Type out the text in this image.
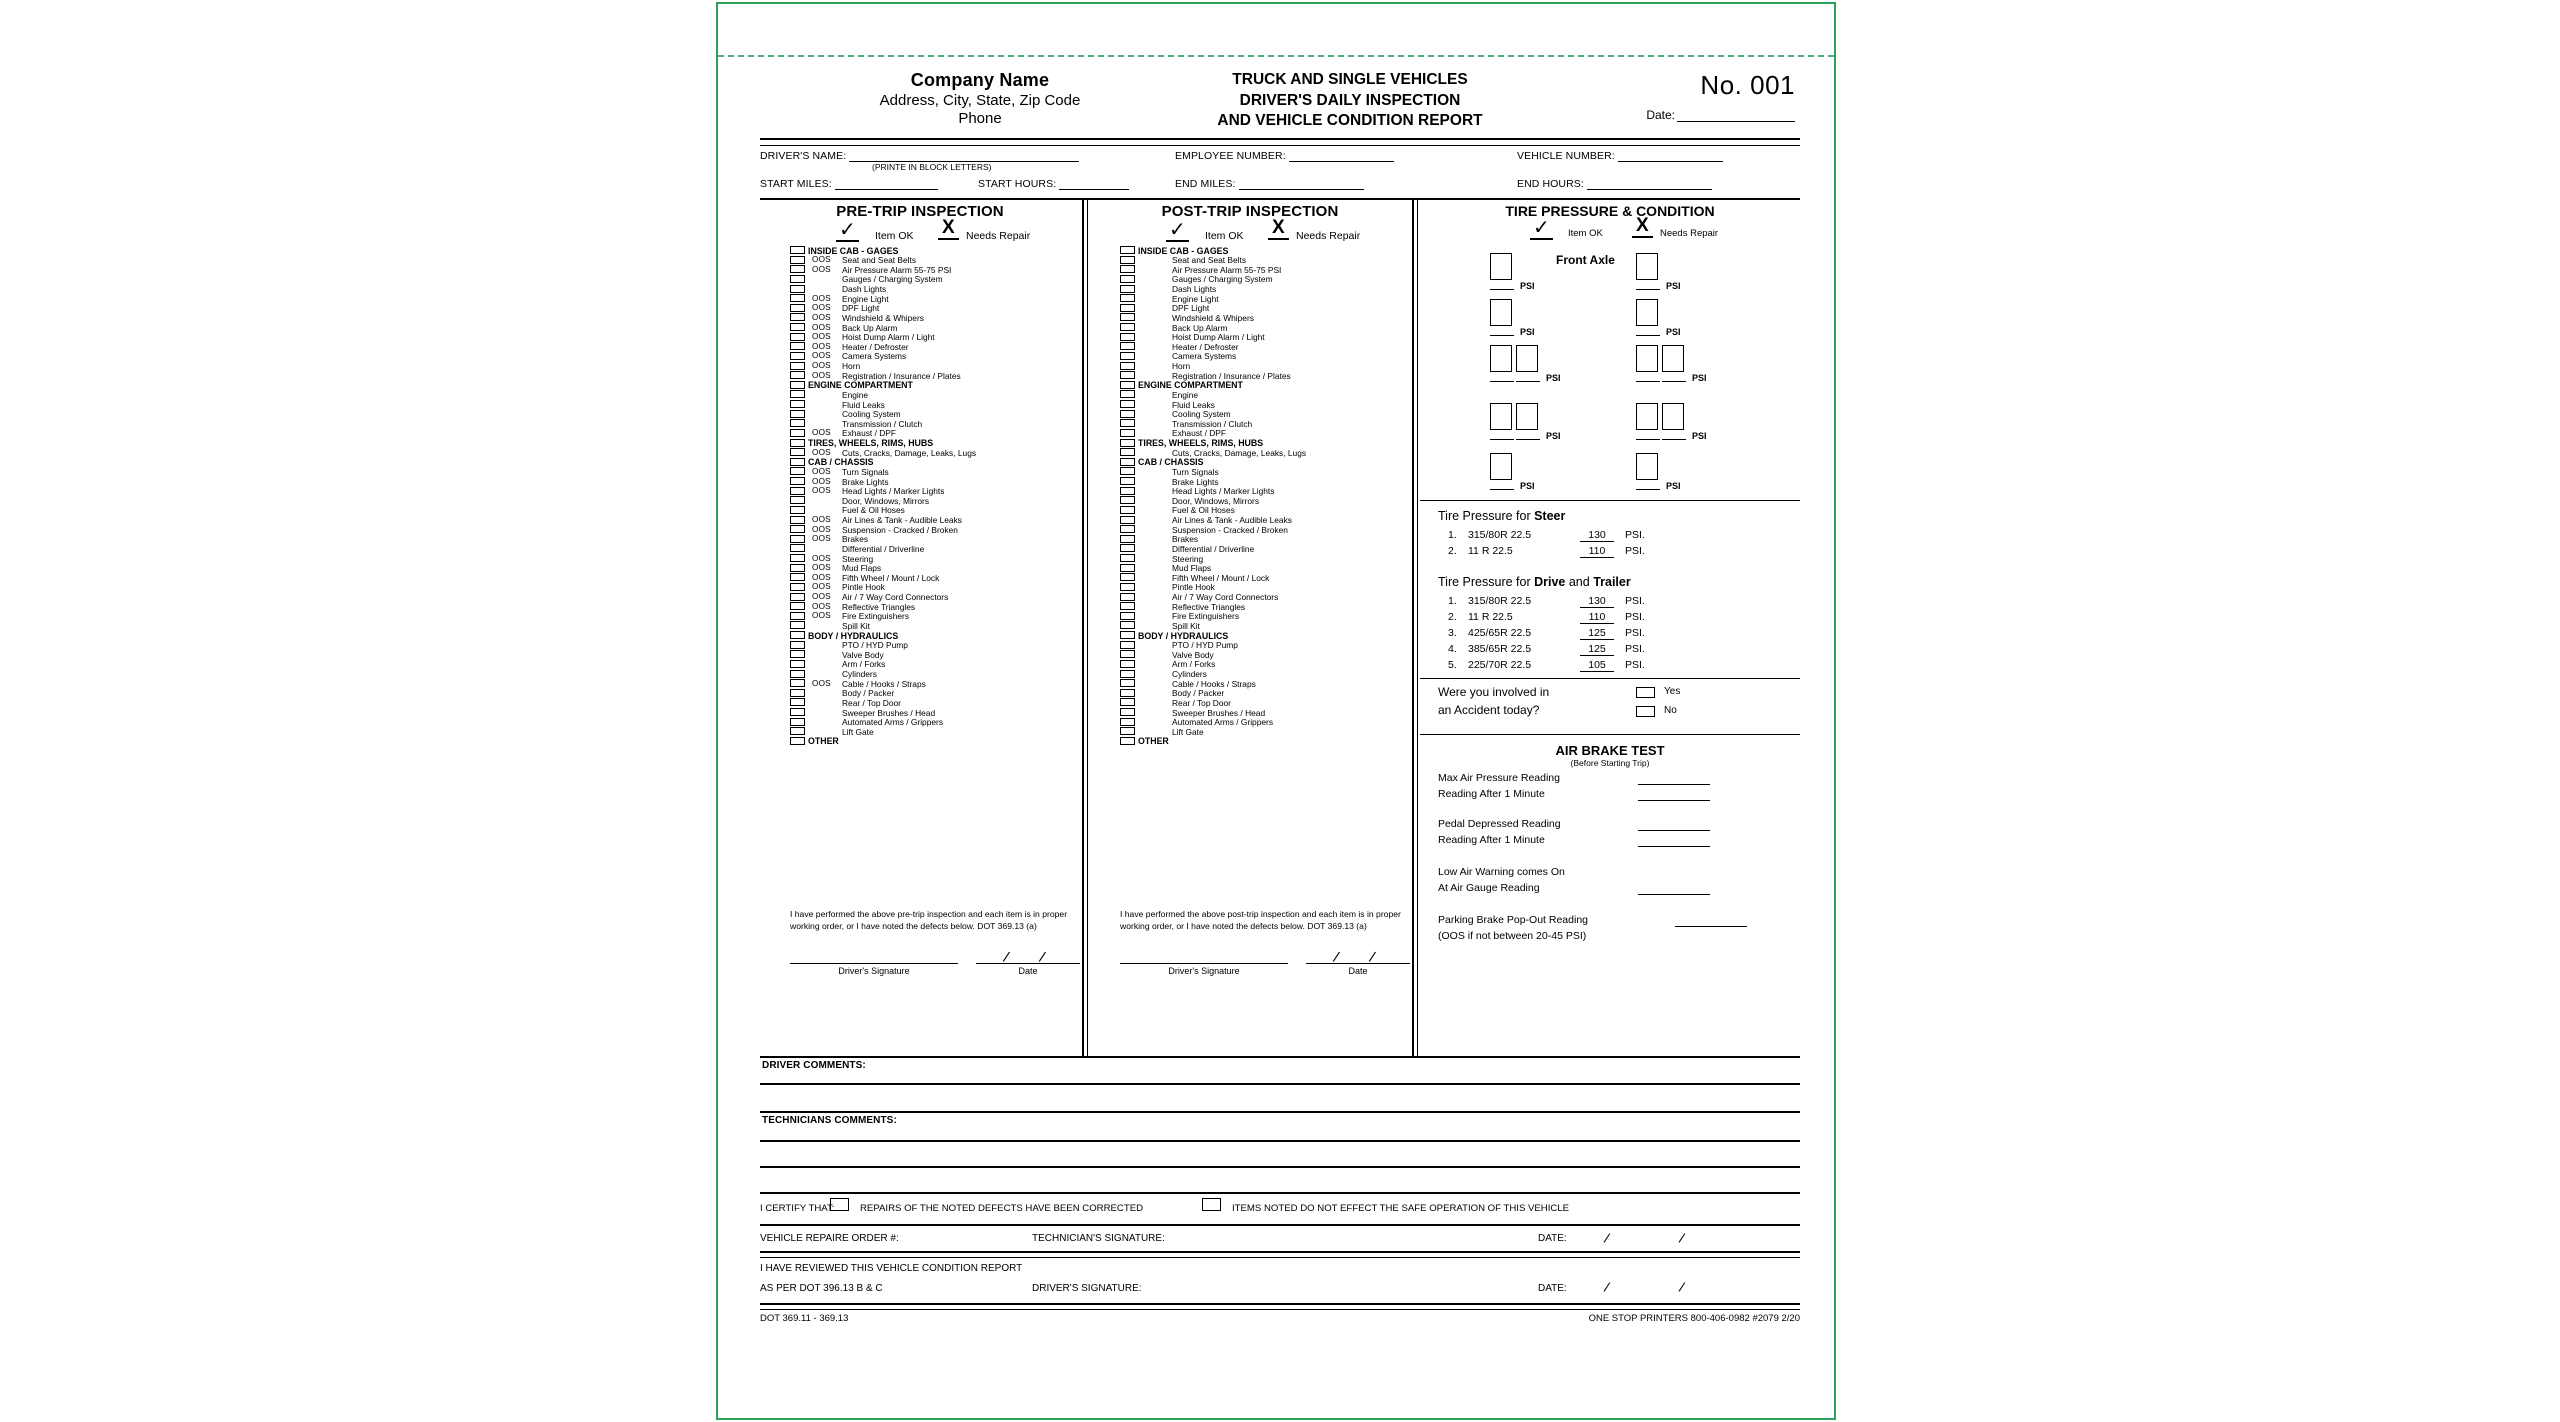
Company Name
Address, City, State, Zip Code
Phone
TRUCK AND SINGLE VEHICLES
DRIVER'S DAILY INSPECTION
AND VEHICLE CONDITION REPORT
No. 001
Date:
DRIVER'S NAME:
(PRINTE IN BLOCK LETTERS)
EMPLOYEE NUMBER:	VEHICLE NUMBER:
START MILES:	START HOURS:	END MILES:	END HOURS:
PRE-TRIP INSPECTION
✓ Item OK X	Needs Repair
INSIDE CAB - GAGES
OOS Seat and Seat Belts
OOS Air Pressure Alarm 55-75 PSI
Gauges / Charging System
Dash Lights
OOS Engine Light
OOS DPF Light
OOS Windshield & Whipers
OOS Back Up Alarm
OOS Hoist Dump Alarm / Light
OOS Heater / Defroster
OOS Camera Systems
OOS Horn
OOS Registration / Insurance / Plates
ENGINE COMPARTMENT
Engine
Fluid Leaks
Cooling System
Transmission / Clutch
OOS Exhaust / DPF
TIRES, WHEELS, RIMS, HUBS
OOS Cuts, Cracks, Damage, Leaks, Lugs
CAB / CHASSIS
OOS Turn Signals
OOS Brake Lights
OOS Head Lights / Marker Lights
Door, Windows, Mirrors
Fuel & Oil Hoses
OOS Air Lines & Tank - Audible Leaks
OOS Suspension - Cracked / Broken
OOS Brakes
Differential / Driverline
OOS Steering
OOS Mud Flaps
OOS Fifth Wheel / Mount / Lock
OOS Pintle Hook
OOS Air / 7 Way Cord Connectors
OOS Reflective Triangles
OOS Fire Extinguishers
Spill Kit
BODY / HYDRAULICS
PTO / HYD Pump
Valve Body
Arm / Forks
Cylinders
OOS Cable / Hooks / Straps
Body / Packer
Rear / Top Door
Sweeper Brushes / Head
Automated Arms / Grippers
Lift Gate
OTHER
I have performed the above pre-trip inspection and each item is in proper working order, or I have noted the defects below. DOT 369.13 (a)
Driver's Signature
/ /
Date
POST-TRIP INSPECTION
✓ Item OK X	Needs Repair
INSIDE CAB - GAGES
Seat and Seat Belts
Air Pressure Alarm 55-75 PSI
Gauges / Charging System
Dash Lights
Engine Light
DPF Light
Windshield & Whipers
Back Up Alarm
Hoist Dump Alarm / Light
Heater / Defroster
Camera Systems
Horn
Registration / Insurance / Plates
ENGINE COMPARTMENT
Engine
Fluid Leaks
Cooling System
Transmission / Clutch
Exhaust / DPF
TIRES, WHEELS, RIMS, HUBS
Cuts, Cracks, Damage, Leaks, Lugs
CAB / CHASSIS
Turn Signals
Brake Lights
Head Lights / Marker Lights
Door, Windows, Mirrors
Fuel & Oil Hoses
Air Lines & Tank - Audible Leaks
Suspension - Cracked / Broken
Brakes
Differential / Driverline
Steering
Mud Flaps
Fifth Wheel / Mount / Lock
Pintle Hook
Air / 7 Way Cord Connectors
Reflective Triangles
Fire Extinguishers
Spill Kit
BODY / HYDRAULICS
PTO / HYD Pump
Valve Body
Arm / Forks
Cylinders
Cable / Hooks / Straps
Body / Packer
Rear / Top Door
Sweeper Brushes / Head
Automated Arms / Grippers
Lift Gate
OTHER
I have performed the above post-trip inspection and each item is in proper working order, or I have noted the defects below. DOT 369.13 (a)
Driver's Signature
/ /
Date
TIRE PRESSURE & CONDITION
✓	Item OK X	Needs Repair
Front Axle
PSI	PSI
PSI	PSI
PSI	PSI
PSI	PSI
PSI	PSI
Tire Pressure for Steer
1. 315/80R 22.5	130	PSI.
2. 11 R 22.5	110	PSI.
Tire Pressure for Drive and Trailer
1. 315/80R 22.5	130	PSI.
2. 11 R 22.5	110	PSI.
3. 425/65R 22.5	125	PSI.
4. 385/65R 22.5	125	PSI.
5. 225/70R 22.5	105	PSI.
Were you involved in
an Accident today?
Yes
No
AIR BRAKE TEST
(Before Starting Trip)
Max Air Pressure Reading
Reading After 1 Minute
Pedal Depressed Reading
Reading After 1 Minute
Low Air Warning comes On
At Air Gauge Reading
Parking Brake Pop-Out Reading
(OOS if not between 20-45 PSI)
DRIVER COMMENTS:
TECHNICIANS COMMENTS:
I CERTIFY THAT:	REPAIRS OF THE NOTED DEFECTS HAVE BEEN CORRECTED	ITEMS NOTED DO NOT EFFECT THE SAFE OPERATION OF THIS VEHICLE
VEHICLE REPAIRE ORDER #:	TECHNICIAN'S SIGNATURE:	DATE:	/	/
I HAVE REVIEWED THIS VEHICLE CONDITION REPORT
AS PER DOT 396.13 B & C	DRIVER'S SIGNATURE:	DATE:	/	/
DOT 369.11 - 369.13	ONE STOP PRINTERS 800-406-0982 #2079 2/20
